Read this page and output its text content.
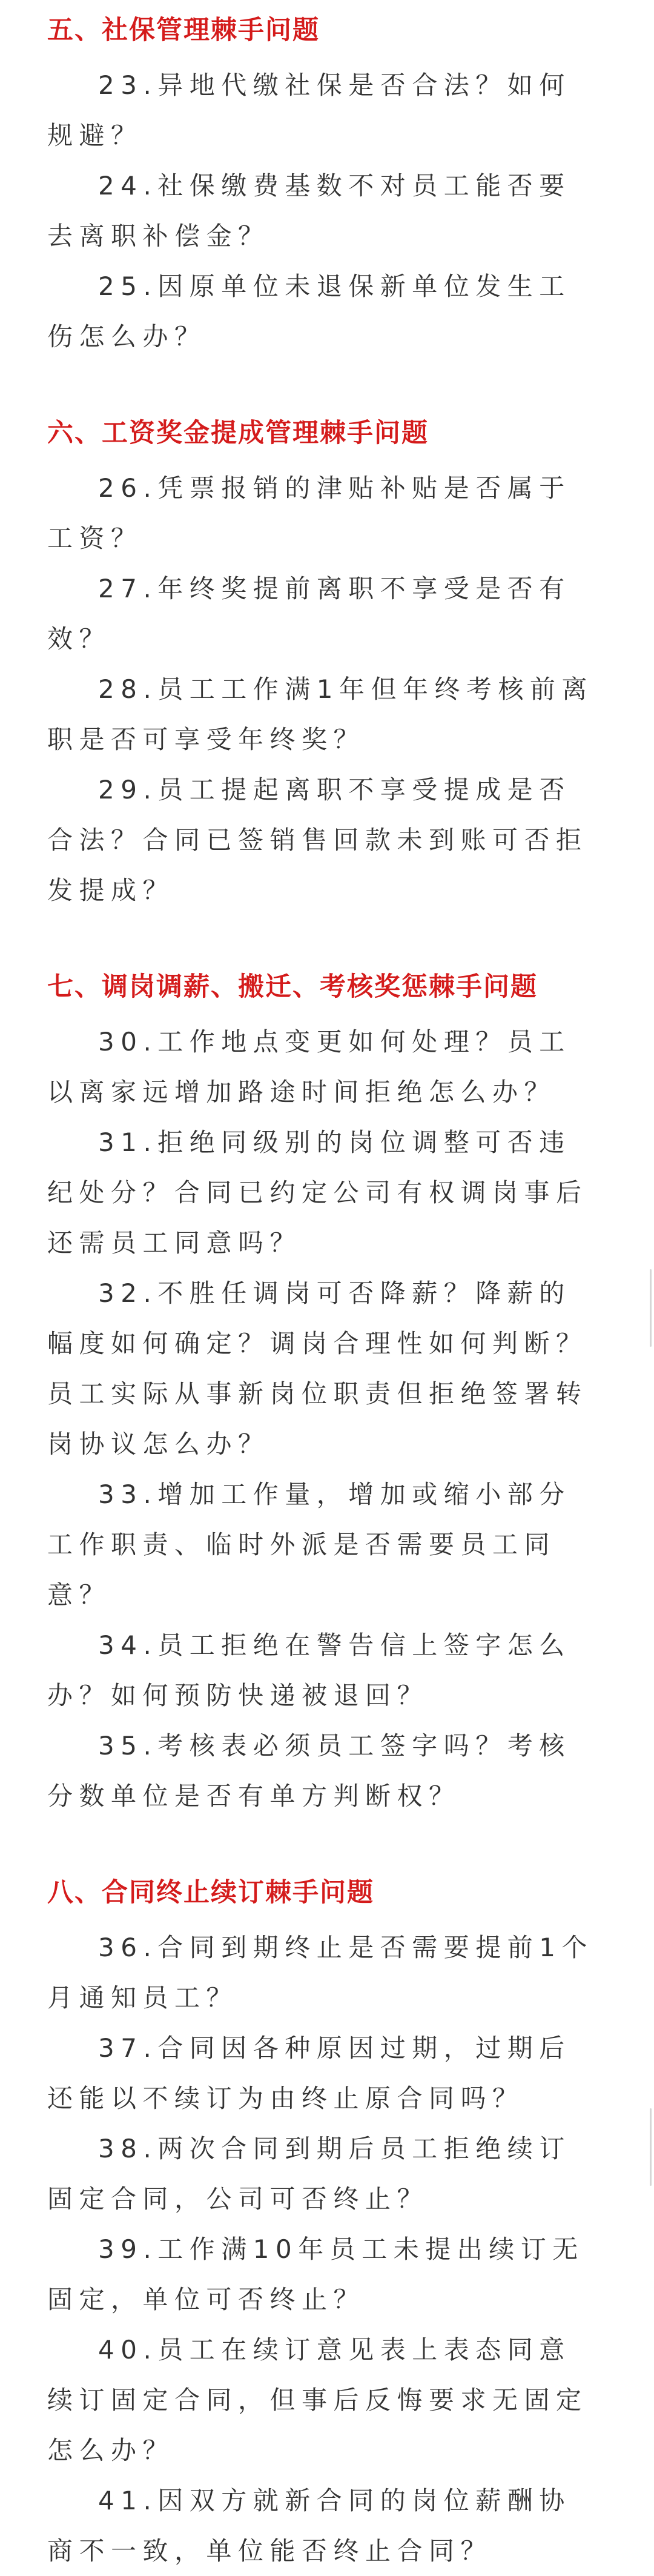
五、社保管理棘手问题

23.异地代缴社保是否合法？如何规避？

24.社保缴费基数不对员工能否要去离职补偿金？

25.因原单位未退保新单位发生工伤怎么办？

六、工资奖金提成管理棘手问题

26.凭票报销的津贴补贴是否属于工资？

27.年终奖提前离职不享受是否有效？

28.员工工作满1年但年终考核前离职是否可享受年终奖？

29.员工提起离职不享受提成是否合法？合同已签销售回款未到账可否拒发提成？

七、调岗调薪、搬迁、考核奖惩棘手问题

30.工作地点变更如何处理？员工以离家远增加路途时间拒绝怎么办？

31.拒绝同级别的岗位调整可否违纪处分？合同已约定公司有权调岗事后还需员工同意吗？

32.不胜任调岗可否降薪？降薪的幅度如何确定？调岗合理性如何判断？员工实际从事新岗位职责但拒绝签署转岗协议怎么办？

33.增加工作量，增加或缩小部分工作职责、临时外派是否需要员工同意？

34.员工拒绝在警告信上签字怎么办？如何预防快递被退回？

35.考核表必须员工签字吗？考核分数单位是否有单方判断权？

八、合同终止续订棘手问题

36.合同到期终止是否需要提前1个月通知员工？

37.合同因各种原因过期，过期后还能以不续订为由终止原合同吗？

38.两次合同到期后员工拒绝续订固定合同，公司可否终止？

39.工作满10年员工未提出续订无固定，单位可否终止？

40.员工在续订意见表上表态同意续订固定合同，但事后反悔要求无固定怎么办？

41.因双方就新合同的岗位薪酬协商不一致，单位能否终止合同？
